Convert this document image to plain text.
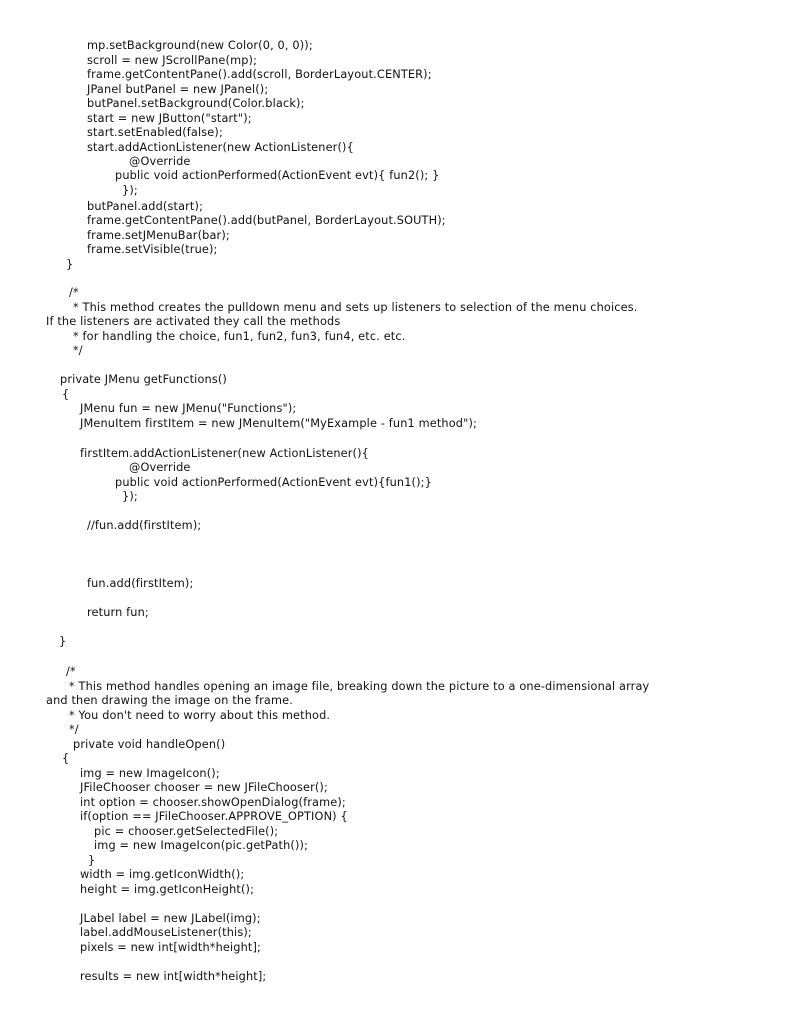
mp.setBackground(new Color(0, 0, 0));
scroll = new JScrollPane(mp);
frame.getContentPane().add(scroll, BorderLayout.CENTER);
JPanel butPanel = new JPanel();
butPanel.setBackground(Color.black);
start = new JButton("start");
start.setEnabled(false);
start.addActionListener(new ActionListener(){
@Override
public void actionPerformed(ActionEvent evt){ fun2(); }
});
butPanel.add(start);
frame.getContentPane().add(butPanel, BorderLayout.SOUTH);
frame.setJMenuBar(bar);
frame.setVisible(true);
}
/*
* This method creates the pulldown menu and sets up listeners to selection of the menu choices.
If the listeners are activated they call the methods
* for handling the choice, fun1, fun2, fun3, fun4, etc. etc.
*/
private JMenu getFunctions()
{
JMenu fun = new JMenu("Functions");
JMenuItem firstItem = new JMenuItem("MyExample - fun1 method");
firstItem.addActionListener(new ActionListener(){
@Override
public void actionPerformed(ActionEvent evt){fun1();}
});
//fun.add(firstItem);
fun.add(firstItem);
return fun;
}
/*
* This method handles opening an image file, breaking down the picture to a one-dimensional array
and then drawing the image on the frame.
* You don't need to worry about this method.
*/
private void handleOpen()
{
img = new ImageIcon();
JFileChooser chooser = new JFileChooser();
int option = chooser.showOpenDialog(frame);
if(option == JFileChooser.APPROVE_OPTION) {
pic = chooser.getSelectedFile();
img = new ImageIcon(pic.getPath());
}
width = img.getIconWidth();
height = img.getIconHeight();
JLabel label = new JLabel(img);
label.addMouseListener(this);
pixels = new int[width*height];
results = new int[width*height];
